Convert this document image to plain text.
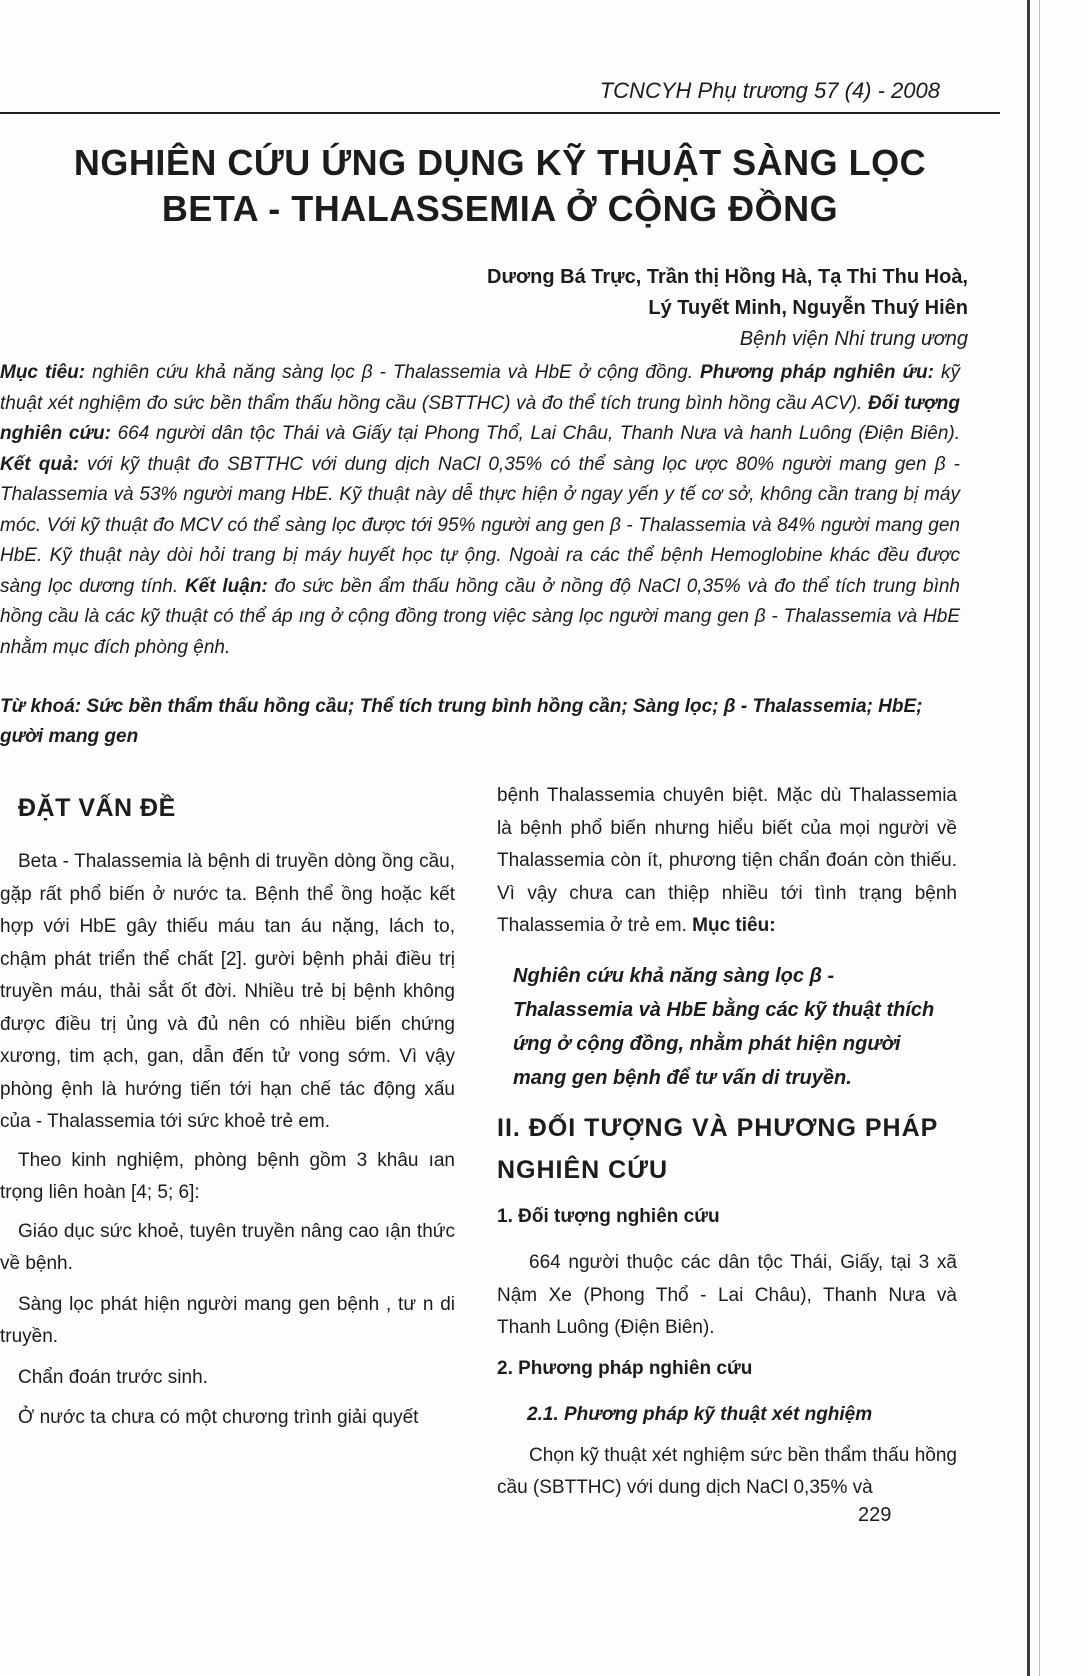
TCNCYH Phụ trương 57 (4) - 2008
NGHIÊN CỨU ỨNG DỤNG KỸ THUẬT SÀNG LỌC
BETA - THALASSEMIA Ở CỘNG ĐỒNG
Dương Bá Trực, Trần thị Hồng Hà, Tạ Thi Thu Hoà,
Lý Tuyết Minh, Nguyễn Thuý Hiên
Bệnh viện Nhi trung ương
Mục tiêu: nghiên cứu khả năng sàng lọc β - Thalassemia và HbE ở cộng đồng. Phương pháp nghiên ứu: kỹ thuật xét nghiệm đo sức bền thẩm thấu hồng cầu (SBTTHC) và đo thể tích trung bình hồng cầu ACV). Đối tượng nghiên cứu: 664 người dân tộc Thái và Giấy tại Phong Thổ, Lai Châu, Thanh Nưa và hanh Luông (Điện Biên). Kết quả: với kỹ thuật đo SBTTHC với dung dịch NaCl 0,35% có thể sàng lọc ược 80% người mang gen β - Thalassemia và 53% người mang HbE. Kỹ thuật này dễ thực hiện ở ngay yến y tế cơ sở, không cần trang bị máy móc. Với kỹ thuật đo MCV có thể sàng lọc được tới 95% người ang gen β - Thalassemia và 84% người mang gen HbE. Kỹ thuật này dòi hỏi trang bị máy huyết học tự ộng. Ngoài ra các thể bệnh Hemoglobine khác đều được sàng lọc dương tính. Kết luận: đo sức bền ẩm thấu hồng cầu ở nồng độ NaCl 0,35% và đo thể tích trung bình hồng cầu là các kỹ thuật có thể áp ıng ở cộng đồng trong việc sàng lọc người mang gen β - Thalassemia và HbE nhằm mục đích phòng ệnh.
Từ khoá: Sức bền thẩm thấu hồng cầu; Thể tích trung bình hồng cần; Sàng lọc; β - Thalassemia; HbE; gười mang gen
ĐẶT VẤN ĐỀ

Beta - Thalassemia là bệnh di truyền dòng ồng cầu, gặp rất phổ biến ở nước ta. Bệnh thể ồng hoặc kết hợp với HbE gây thiếu máu tan áu nặng, lách to, chậm phát triển thể chất [2]. gười bệnh phải điều trị truyền máu, thải sắt ốt đời. Nhiều trẻ bị bệnh không được điều trị ủng và đủ nên có nhiều biến chứng xương, tim ạch, gan, dẫn đến tử vong sớm. Vì vậy phòng ệnh là hướng tiến tới hạn chế tác động xấu của - Thalassemia tới sức khoẻ trẻ em.

Theo kinh nghiệm, phòng bệnh gồm 3 khâu ıan trọng liên hoàn [4; 5; 6]:

Giáo dục sức khoẻ, tuyên truyền nâng cao ıận thức về bệnh.

Sàng lọc phát hiện người mang gen bệnh , tư n di truyền.

Chẩn đoán trước sinh.

Ở nước ta chưa có một chương trình giải quyết

bệnh Thalassemia chuyên biệt. Mặc dù Thalassemia là bệnh phổ biến nhưng hiểu biết của mọi người về Thalassemia còn ít, phương tiện chẩn đoán còn thiếu. Vì vậy chưa can thiệp nhiều tới tình trạng bệnh Thalassemia ở trẻ em. Mục tiêu:

Nghiên cứu khả năng sàng lọc β - Thalassemia và HbE bằng các kỹ thuật thích ứng ở cộng đồng, nhằm phát hiện người mang gen bệnh để tư vấn di truyền.
II. ĐỐI TƯỢNG VÀ PHƯƠNG PHÁP NGHIÊN CỨU
1. Đối tượng nghiên cứu

664 người thuộc các dân tộc Thái, Giấy, tại 3 xã Nậm Xe (Phong Thổ - Lai Châu), Thanh Nưa và Thanh Luông (Điện Biên).

2. Phương pháp nghiên cứu
2.1. Phương pháp kỹ thuật xét nghiệm

Chọn kỹ thuật xét nghiệm sức bền thẩm thấu hồng cầu (SBTTHC) với dung dịch NaCl 0,35% và

229
